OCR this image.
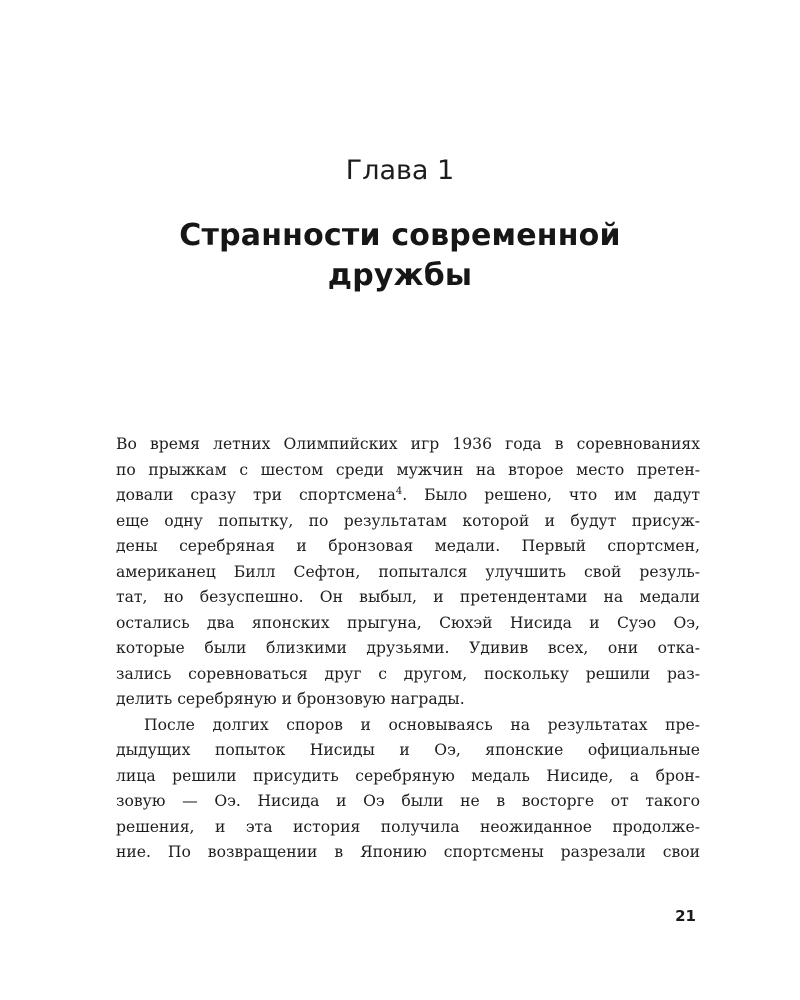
Глава 1
Странности современной
дружбы
Во время летних Олимпийских игр 1936 года в соревнованиях
по прыжкам с шестом среди мужчин на второе место претен-
довали сразу три спортсмена$^4$. Было решено, что им дадут
еще одну попытку, по результатам которой и будут присуж-
дены серебряная и бронзовая медали. Первый спортсмен,
американец Билл Сефтон, попытался улучшить свой резуль-
тат, но безуспешно. Он выбыл, и претендентами на медали
остались два японских прыгуна, Сюхэй Нисида и Суэо Оэ,
которые были близкими друзьями. Удивив всех, они отка-
зались соревноваться друг с другом, поскольку решили раз-
делить серебряную и бронзовую награды.
После долгих споров и основываясь на результатах пре-
дыдущих попыток Нисиды и Оэ, японские официальные
лица решили присудить серебряную медаль Нисиде, а брон-
зовую — Оэ. Нисида и Оэ были не в восторге от такого
решения, и эта история получила неожиданное продолже-
ние. По возвращении в Японию спортсмены разрезали свои
21
